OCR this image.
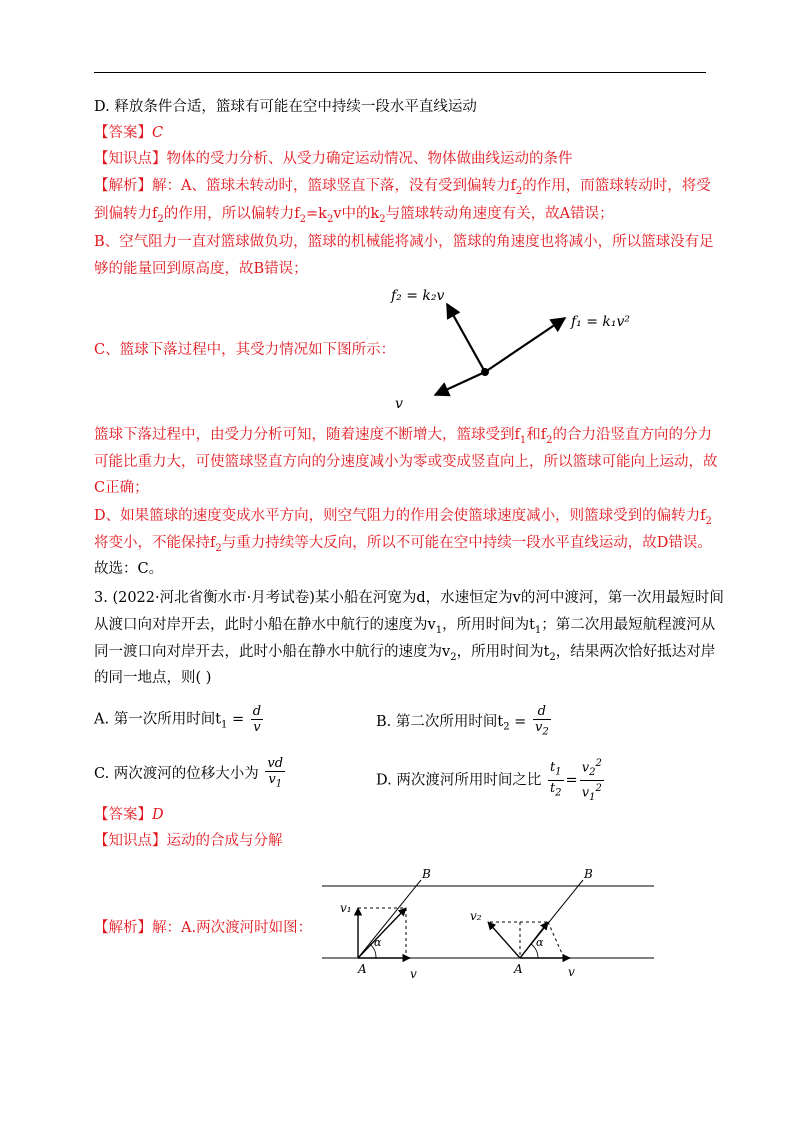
D. 释放条件合适，篮球有可能在空中持续一段水平直线运动
【答案】C
【知识点】物体的受力分析、从受力确定运动情况、物体做曲线运动的条件
【解析】解：A、篮球未转动时，篮球竖直下落，没有受到偏转力$f_2$的作用，而篮球转动时，将受
到偏转力$f_2$的作用，所以偏转力$f_2=k_2v$中的$k_2$与篮球转动角速度有关，故A错误；
B、空气阻力一直对篮球做负功，篮球的机械能将减小，篮球的角速度也将减小，所以篮球没有足
够的能量回到原高度，故B错误；
f₂ = k₂v
f₁ = k₁v²
v
C、篮球下落过程中，其受力情况如下图所示：
篮球下落过程中，由受力分析可知，随着速度不断增大，篮球受到$f_1$和$f_2$的合力沿竖直方向的分力
可能比重力大，可使篮球竖直方向的分速度减小为零或变成竖直向上，所以篮球可能向上运动，故
C正确；
D、如果篮球的速度变成水平方向，则空气阻力的作用会使篮球速度减小，则篮球受到的偏转力$f_2$
将变小，不能保持$f_2$与重力持续等大反向，所以不可能在空中持续一段水平直线运动，故D错误。
故选：C。
3. (2022·河北省衡水市·月考试卷)某小船在河宽为d，水速恒定为v的河中渡河，第一次用最短时间
从渡口向对岸开去，此时小船在静水中航行的速度为$v_1$，所用时间为$t_1$；第二次用最短航程渡河从
同一渡口向对岸开去，此时小船在静水中航行的速度为$v_2$，所用时间为$t_2$，结果两次恰好抵达对岸
的同一地点，则( )
A. 第一次所用时间$t_1 = \frac{d}{v}$	B. 第二次所用时间$t_2 = \frac{d}{v_2}$
C. 两次渡河的位移大小为 $\frac{vd}{v_1}$	D. 两次渡河所用时间之比 $\frac{t_1}{t_2} = \frac{v_2^2}{v_1^2}$
【答案】D
【知识点】运动的合成与分解
【解析】解：A.两次渡河时如图：
B
v₁
α
A	v
B
v₂
α
A	v
